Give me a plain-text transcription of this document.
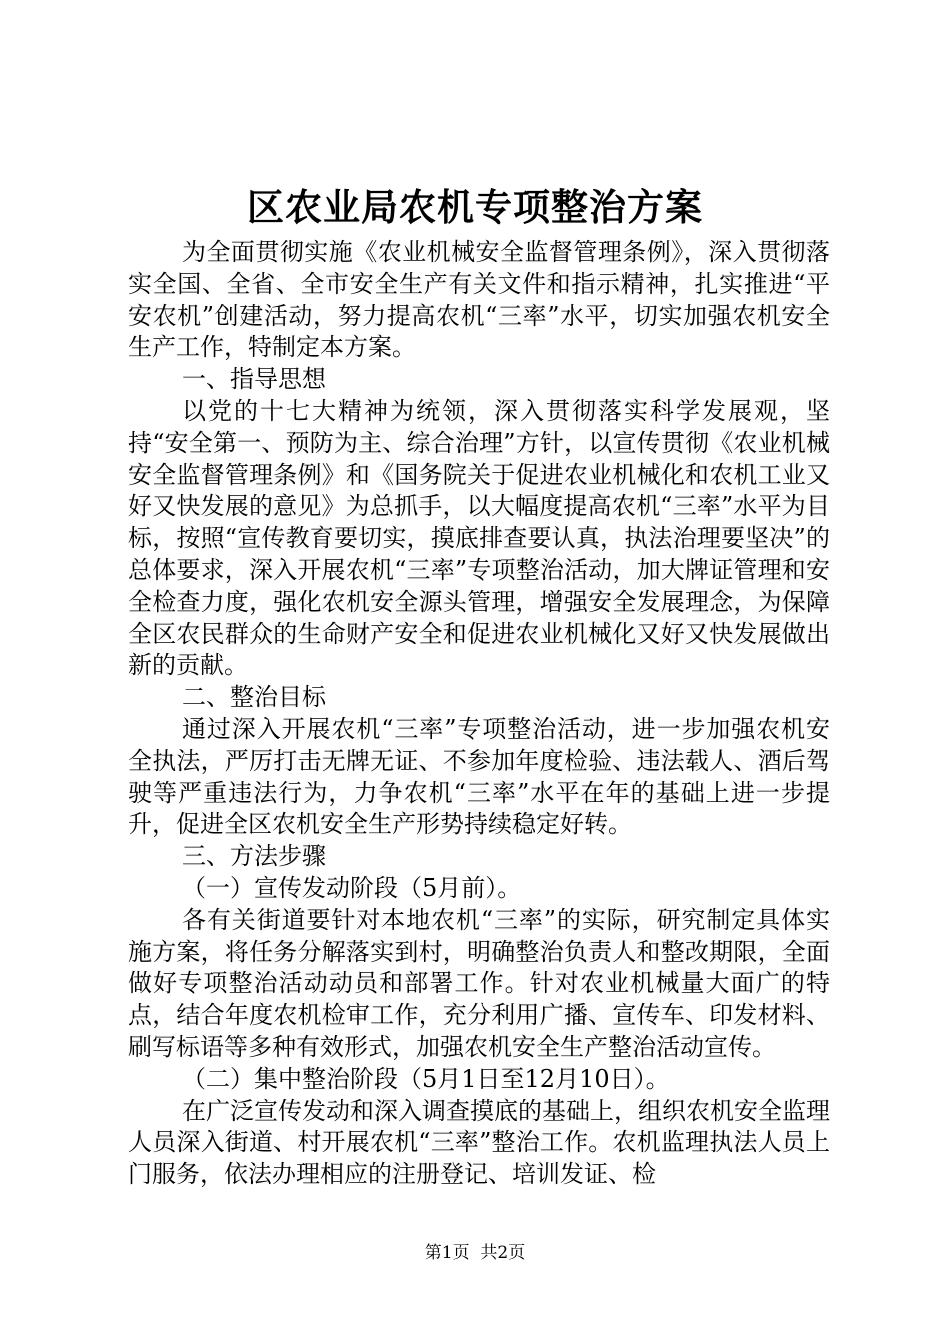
区农业局农机专项整治方案

为全面贯彻实施《农业机械安全监督管理条例》，深入贯彻落实全国、全省、全市安全生产有关文件和指示精神，扎实推进“平安农机”创建活动，努力提高农机“三率”水平，切实加强农机安全生产工作，特制定本方案。

一、指导思想

以党的十七大精神为统领，深入贯彻落实科学发展观，坚持“安全第一、预防为主、综合治理”方针，以宣传贯彻《农业机械安全监督管理条例》和《国务院关于促进农业机械化和农机工业又好又快发展的意见》为总抓手，以大幅度提高农机“三率”水平为目标，按照“宣传教育要切实，摸底排查要认真，执法治理要坚决”的总体要求，深入开展农机“三率”专项整治活动，加大牌证管理和安全检查力度，强化农机安全源头管理，增强安全发展理念，为保障全区农民群众的生命财产安全和促进农业机械化又好又快发展做出新的贡献。

二、整治目标

通过深入开展农机“三率”专项整治活动，进一步加强农机安全执法，严厉打击无牌无证、不参加年度检验、违法载人、酒后驾驶等严重违法行为，力争农机“三率”水平在年的基础上进一步提升，促进全区农机安全生产形势持续稳定好转。

三、方法步骤

（一）宣传发动阶段（5月前）。

各有关街道要针对本地农机“三率”的实际，研究制定具体实施方案，将任务分解落实到村，明确整治负责人和整改期限，全面做好专项整治活动动员和部署工作。针对农业机械量大面广的特点，结合年度农机检审工作，充分利用广播、宣传车、印发材料、刷写标语等多种有效形式，加强农机安全生产整治活动宣传。

（二）集中整治阶段（5月1日至12月10日）。

在广泛宣传发动和深入调查摸底的基础上，组织农机安全监理人员深入街道、村开展农机“三率”整治工作。农机监理执法人员上门服务，依法办理相应的注册登记、培训发证、检

第1页 共2页
